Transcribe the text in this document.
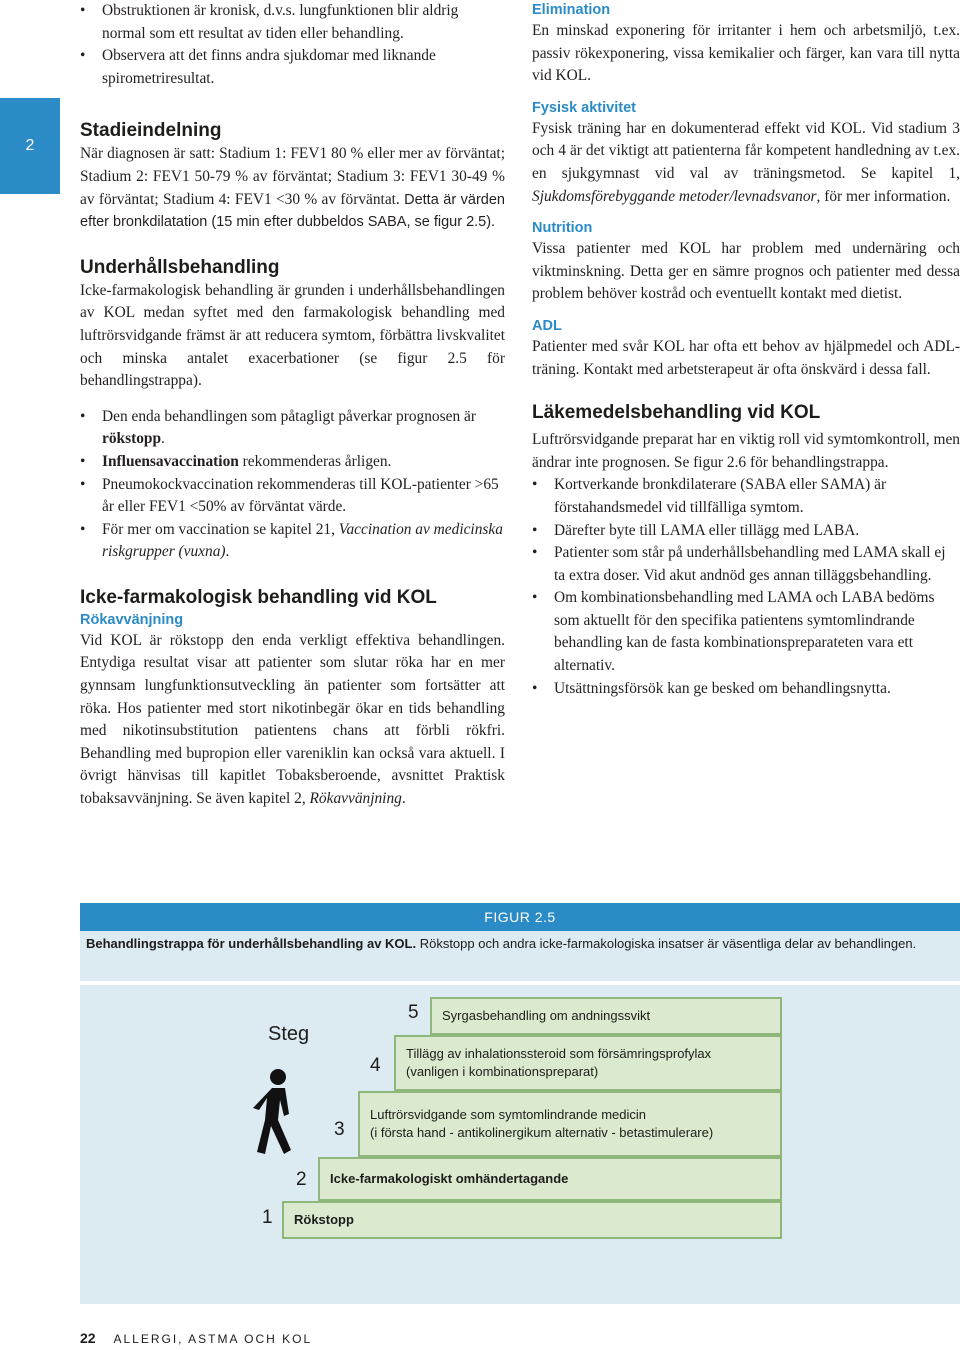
2
• Obstruktionen är kronisk, d.v.s. lungfunktionen blir aldrig normal som ett resultat av tiden eller behandling.
• Observera att det finns andra sjukdomar med liknande spirometriresultat.
Stadieindelning

När diagnosen är satt: Stadium 1: FEV1 80 % eller mer av förväntat; Stadium 2: FEV1 50-79 % av förväntat; Stadium 3: FEV1 30-49 % av förväntat; Stadium 4: FEV1 <30 % av förväntat. Detta är värden efter bronkdilatation (15 min efter dubbeldos SABA, se figur 2.5).

Underhållsbehandling

Icke-farmakologisk behandling är grunden i underhållsbehandlingen av KOL medan syftet med den farmakologisk behandling med luftrörsvidgande främst är att reducera symtom, förbättra livskvalitet och minska antalet exacerbationer (se figur 2.5 för behandlingstrappa).

• Den enda behandlingen som påtagligt påverkar prognosen är rökstopp.
• Influensavaccination rekommenderas årligen.
• Pneumokockvaccination rekommenderas till KOL-patienter >65 år eller FEV1 <50% av förväntat värde.
• För mer om vaccination se kapitel 21, Vaccination av medicinska riskgrupper (vuxna).
Icke-farmakologisk behandling vid KOL
Rökavvänjning

Vid KOL är rökstopp den enda verkligt effektiva behandlingen. Entydiga resultat visar att patienter som slutar röka har en mer gynnsam lungfunktionsutveckling än patienter som fortsätter att röka. Hos patienter med stort nikotinbegär ökar en tids behandling med nikotinsubstitution patientens chans att förbli rökfri. Behandling med bupropion eller vareniklin kan också vara aktuell. I övrigt hänvisas till kapitlet Tobaksberoende, avsnittet Praktisk tobaksavvänjning. Se även kapitel 2, Rökavvänjning.

Elimination

En minskad exponering för irritanter i hem och arbetsmiljö, t.ex. passiv rökexponering, vissa kemikalier och färger, kan vara till nytta vid KOL.

Fysisk aktivitet

Fysisk träning har en dokumenterad effekt vid KOL. Vid stadium 3 och 4 är det viktigt att patienterna får kompetent handledning av t.ex. en sjukgymnast vid val av träningsmetod. Se kapitel 1, Sjukdomsförebyggande metoder/levnadsvanor, för mer information.

Nutrition

Vissa patienter med KOL har problem med undernäring och viktminskning. Detta ger en sämre prognos och patienter med dessa problem behöver kostråd och eventuellt kontakt med dietist.

ADL

Patienter med svår KOL har ofta ett behov av hjälpmedel och ADL-träning. Kontakt med arbetsterapeut är ofta önskvärd i dessa fall.

Läkemedelsbehandling vid KOL

Luftrörsvidgande preparat har en viktig roll vid symtomkontroll, men ändrar inte prognosen. Se figur 2.6 för behandlingstrappa.

• Kortverkande bronkdilaterare (SABA eller SAMA) är förstahandsmedel vid tillfälliga symtom.
• Därefter byte till LAMA eller tillägg med LABA.
• Patienter som står på underhållsbehandling med LAMA skall ej ta extra doser. Vid akut andnöd ges annan tilläggsbehandling.
• Om kombinationsbehandling med LAMA och LABA bedöms som aktuellt för den specifika patientens symtomlindrande behandling kan de fasta kombinationspreparateten vara ett alternativ.
• Utsättningsförsök kan ge besked om behandlingsnytta.
FIGUR 2.5
Behandlingstrappa för underhållsbehandling av KOL. Rökstopp och andra icke-farmakologiska insatser är väsentliga delar av behandlingen.
Steg
5 Syrgasbehandling om andningssvikt
4
Tillägg av inhalationssteroid som försämringsprofylax
(vanligen i kombinationspreparat)
3
Luftrörsvidgande som symtomlindrande medicin
(i första hand - antikolinergikum alternativ - betastimulerare)
2 Icke-farmakologiskt omhändertagande
1 Rökstopp
22 ALLERGI, ASTMA OCH KOL
